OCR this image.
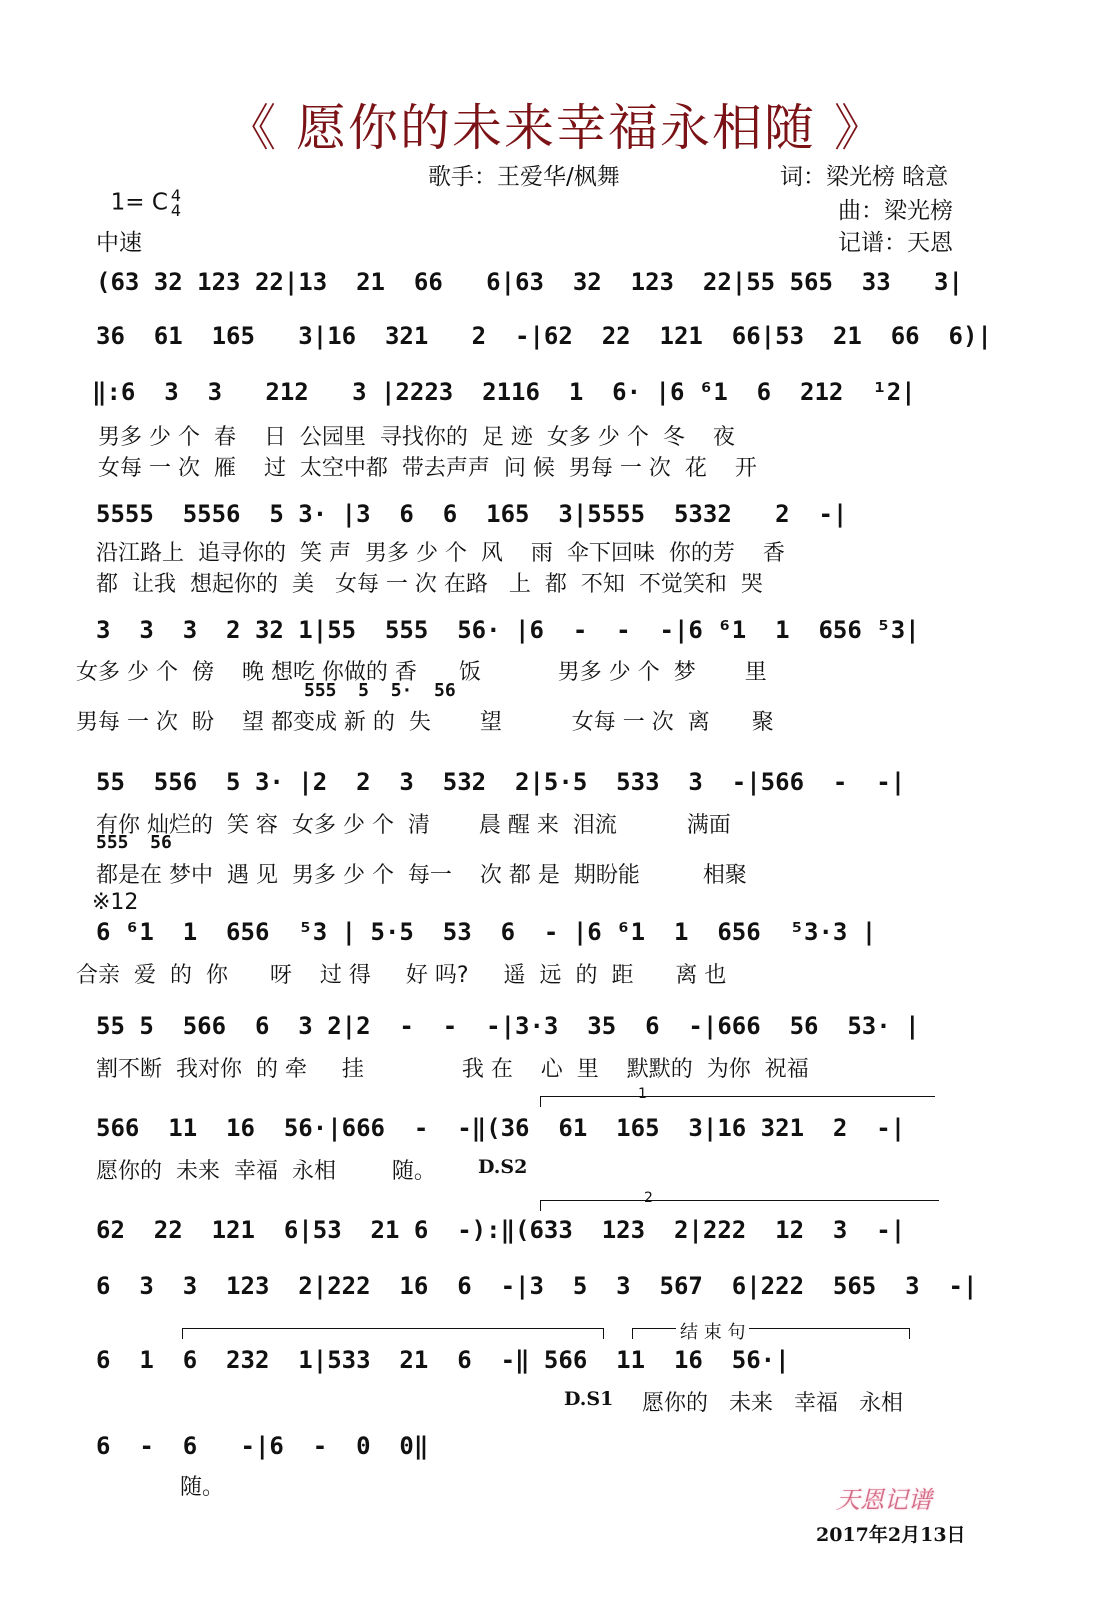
《 愿你的未来幸福永相随 》

1= C 4
4

歌手：王爱华/枫舞	词：梁光榜 晗意
曲：梁光榜
记谱：天恩
中速
(63 32 123 22|13  21  66   6|63  32  123  22|55 565  33   3|
36  61  165   3|16  321   2  -|62  22  121  66|53  21  66  6)|
‖:6  3  3   212   3 |2223  2116  1  6· |6 ⁶1  6  212  ¹2|
男多 少 个  春    日  公园里  寻找你的  足 迹  女多 少 个  冬    夜
女每 一 次  雁    过  太空中都  带去声声  问 候  男每 一 次  花    开
5555  5556  5 3· |3  6  6  165  3|5555  5332   2  -|
沿江路上  追寻你的  笑 声  男多 少 个  风    雨  伞下回味  你的芳    香
都  让我  想起你的  美   女每 一 次 在路   上  都  不知  不觉笑和  哭
3  3  3  2 32 1|55  555  56· |6  -  -  -|6 ⁶1  1  656 ⁵3|
女多 少 个  傍    晚 想吃 你做的 香      饭           男多 少 个  梦       里
555  5  5·  56
男每 一 次  盼    望 都变成 新 的  失       望          女每 一 次  离      聚
55  556  5 3· |2  2  3  532  2|5·5  533  3  -|566  -  -|
有你 灿烂的  笑 容  女多 少 个  清       晨 醒 来  泪流          满面
555  56
都是在 梦中  遇 见  男多 少 个  每一    次 都 是  期盼能         相聚
※12
6 ⁶1  1  656  ⁵3 | 5·5  53  6  - |6 ⁶1  1  656  ⁵3·3 |
合亲  爱  的  你      呀    过 得     好 吗?     遥  远  的  距      离 也
55 5  566  6  3 2|2  -  -  -|3·3  35  6  -|666  56  53· |
割不断  我对你  的 牵     挂              我 在    心  里    默默的  为你  祝福
1
566  11  16  56·|666  -  -‖(36  61  165  3|16 321  2  -|
愿你的  未来  幸福  永相        随。 D.S2
2
62  22  121  6|53  21 6  -):‖(633  123  2|222  12  3  -|
6  3  3  123  2|222  16  6  -|3  5  3  567  6|222  565  3  -|
结 束 句
6  1  6  232  1|533  21  6  -‖ 566  11  16  56·|
D.S1 愿你的   未来   幸福   永相
6  -  6   -|6  -  0  0‖
随。	天恩记谱
2017年2月13日
